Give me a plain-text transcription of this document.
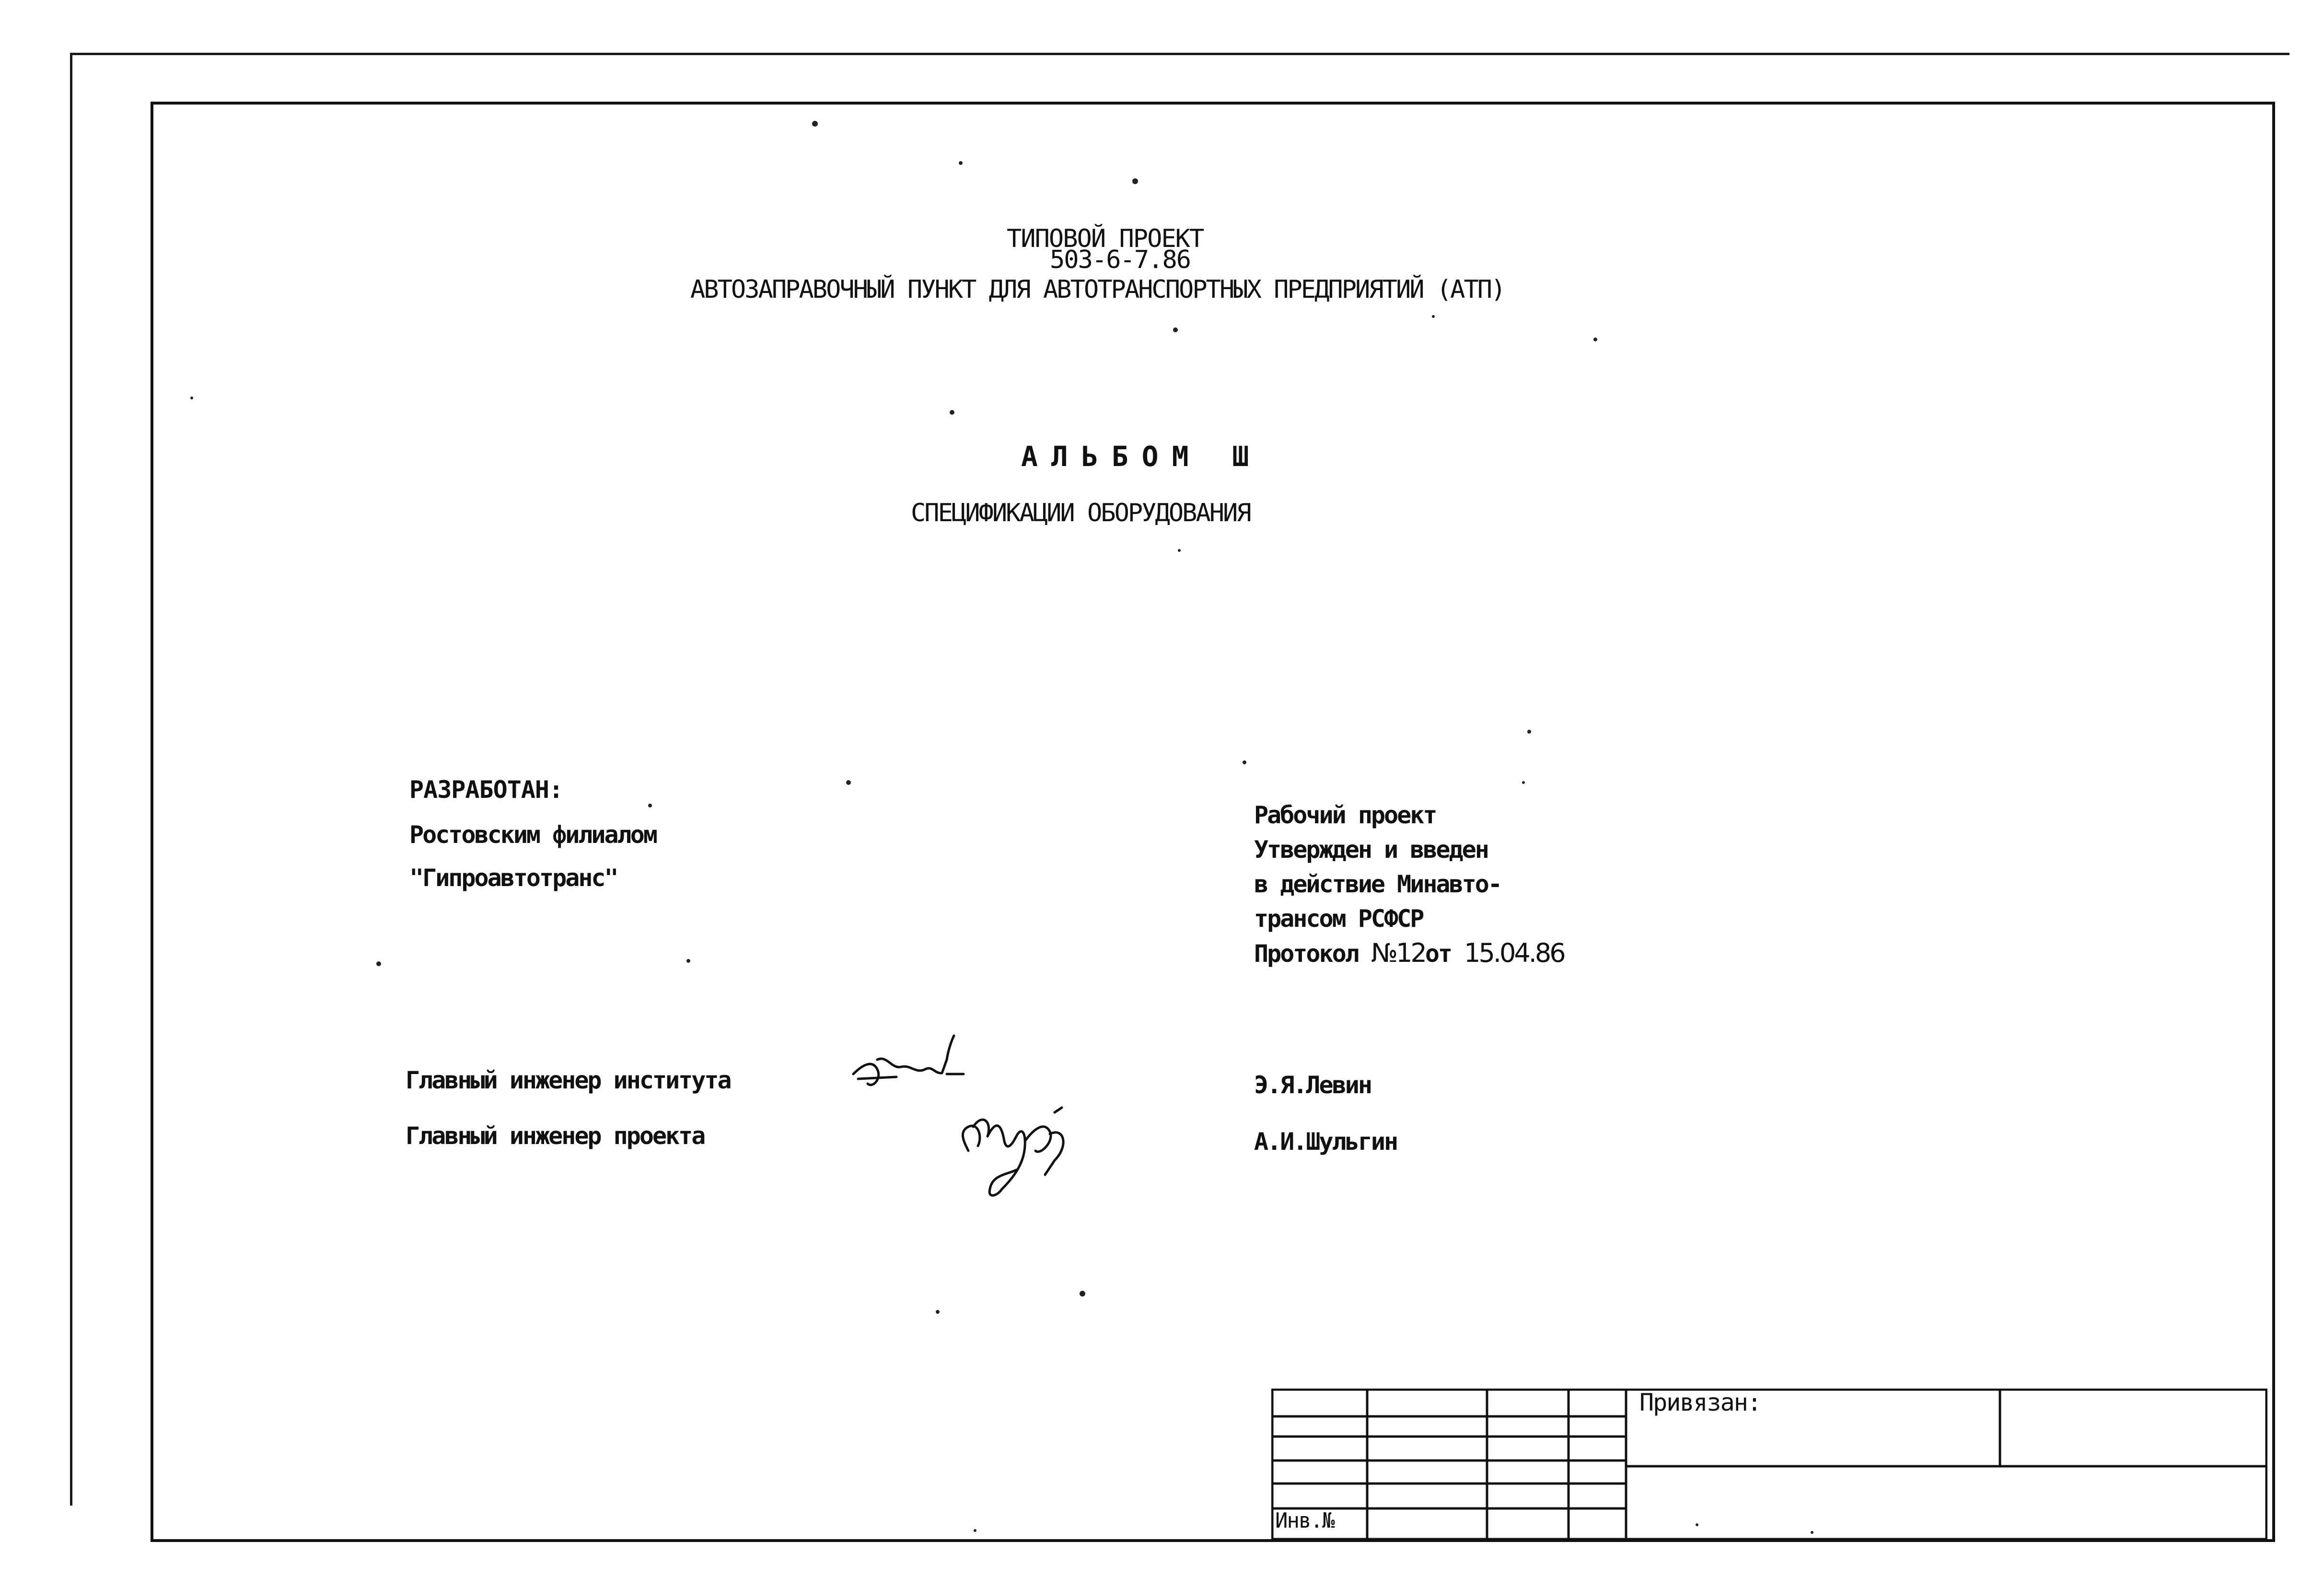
ТИПОВОЙ ПРОЕКТ
503-6-7.86
АВТОЗАПРАВОЧНЫЙ ПУНКТ ДЛЯ АВТОТРАНСПОРТНЫХ ПРЕДПРИЯТИЙ (АТП)
АЛЬБОМ Ш
СПЕЦИФИКАЦИИ ОБОРУДОВАНИЯ
РАЗРАБОТАН:
Ростовским филиалом
"Гипроавтотранс"
Рабочий проект
Утвержден и введен
в действие Минавто-
трансом РСФСР
Протокол №12от 15.04.86
Главный инженер института
Главный инженер проекта
Э.Я.Левин
А.И.Шульгин
Привязан:
Инв.№
